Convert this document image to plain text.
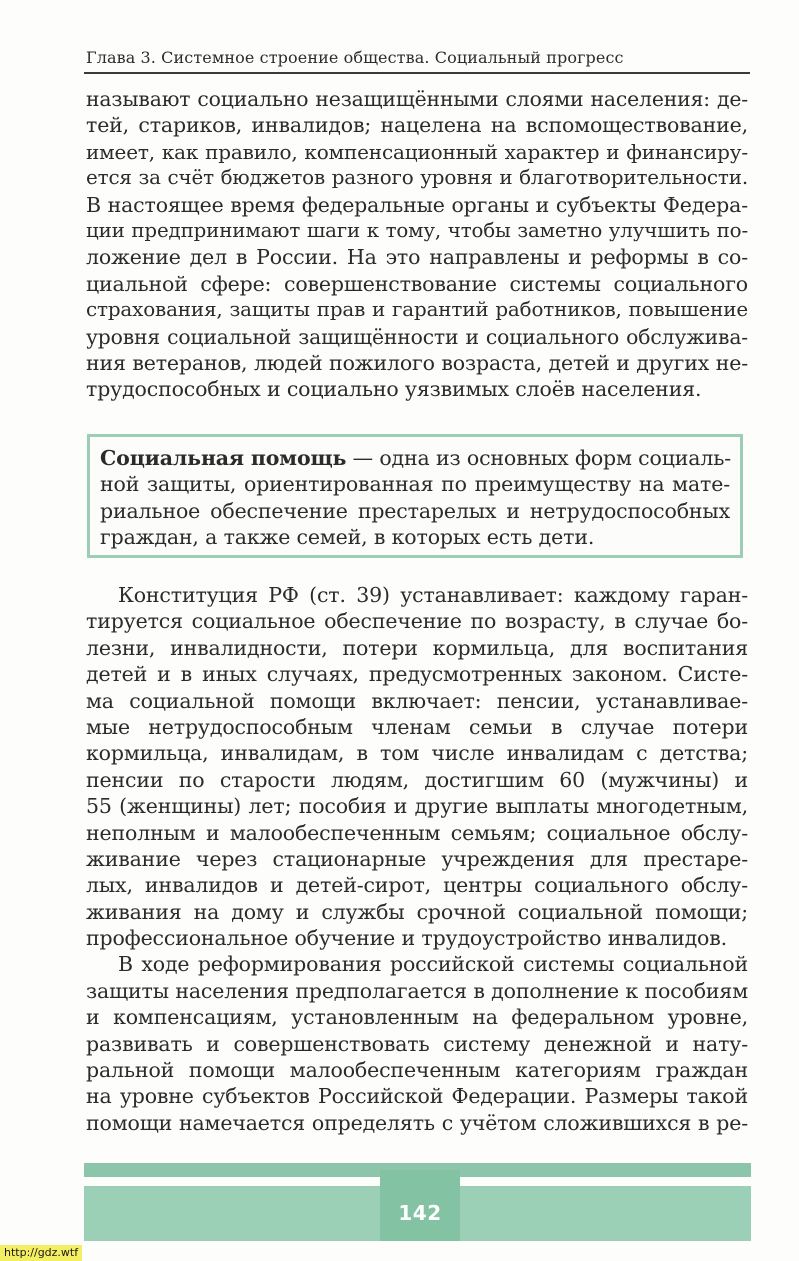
Глава 3. Системное строение общества. Социальный прогресс
называют социально незащищёнными слоями населения: де-
тей, стариков, инвалидов; нацелена на вспомоществование,
имеет, как правило, компенсационный характер и финансиру-
ется за счёт бюджетов разного уровня и благотворительности.
В настоящее время федеральные органы и субъекты Федера-
ции предпринимают шаги к тому, чтобы заметно улучшить по-
ложение дел в России. На это направлены и реформы в со-
циальной сфере: совершенствование системы социального
страхования, защиты прав и гарантий работников, повышение
уровня социальной защищённости и социального обслужива-
ния ветеранов, людей пожилого возраста, детей и других не-
трудоспособных и социально уязвимых слоёв населения.
Социальная помощь — одна из основных форм социаль-
ной защиты, ориентированная по преимуществу на мате-
риальное обеспечение престарелых и нетрудоспособных
граждан, а также семей, в которых есть дети.
Конституция РФ (ст. 39) устанавливает: каждому гаран-
тируется социальное обеспечение по возрасту, в случае бо-
лезни, инвалидности, потери кормильца, для воспитания
детей и в иных случаях, предусмотренных законом. Систе-
ма социальной помощи включает: пенсии, устанавливае-
мые нетрудоспособным членам семьи в случае потери
кормильца, инвалидам, в том числе инвалидам с детства;
пенсии по старости людям, достигшим 60 (мужчины) и
55 (женщины) лет; пособия и другие выплаты многодетным,
неполным и малообеспеченным семьям; социальное обслу-
живание через стационарные учреждения для престаре-
лых, инвалидов и детей-сирот, центры социального обслу-
живания на дому и службы срочной социальной помощи;
профессиональное обучение и трудоустройство инвалидов.
В ходе реформирования российской системы социальной
защиты населения предполагается в дополнение к пособиям
и компенсациям, установленным на федеральном уровне,
развивать и совершенствовать систему денежной и нату-
ральной помощи малообеспеченным категориям граждан
на уровне субъектов Российской Федерации. Размеры такой
помощи намечается определять с учётом сложившихся в ре-
142
http://gdz.wtf
